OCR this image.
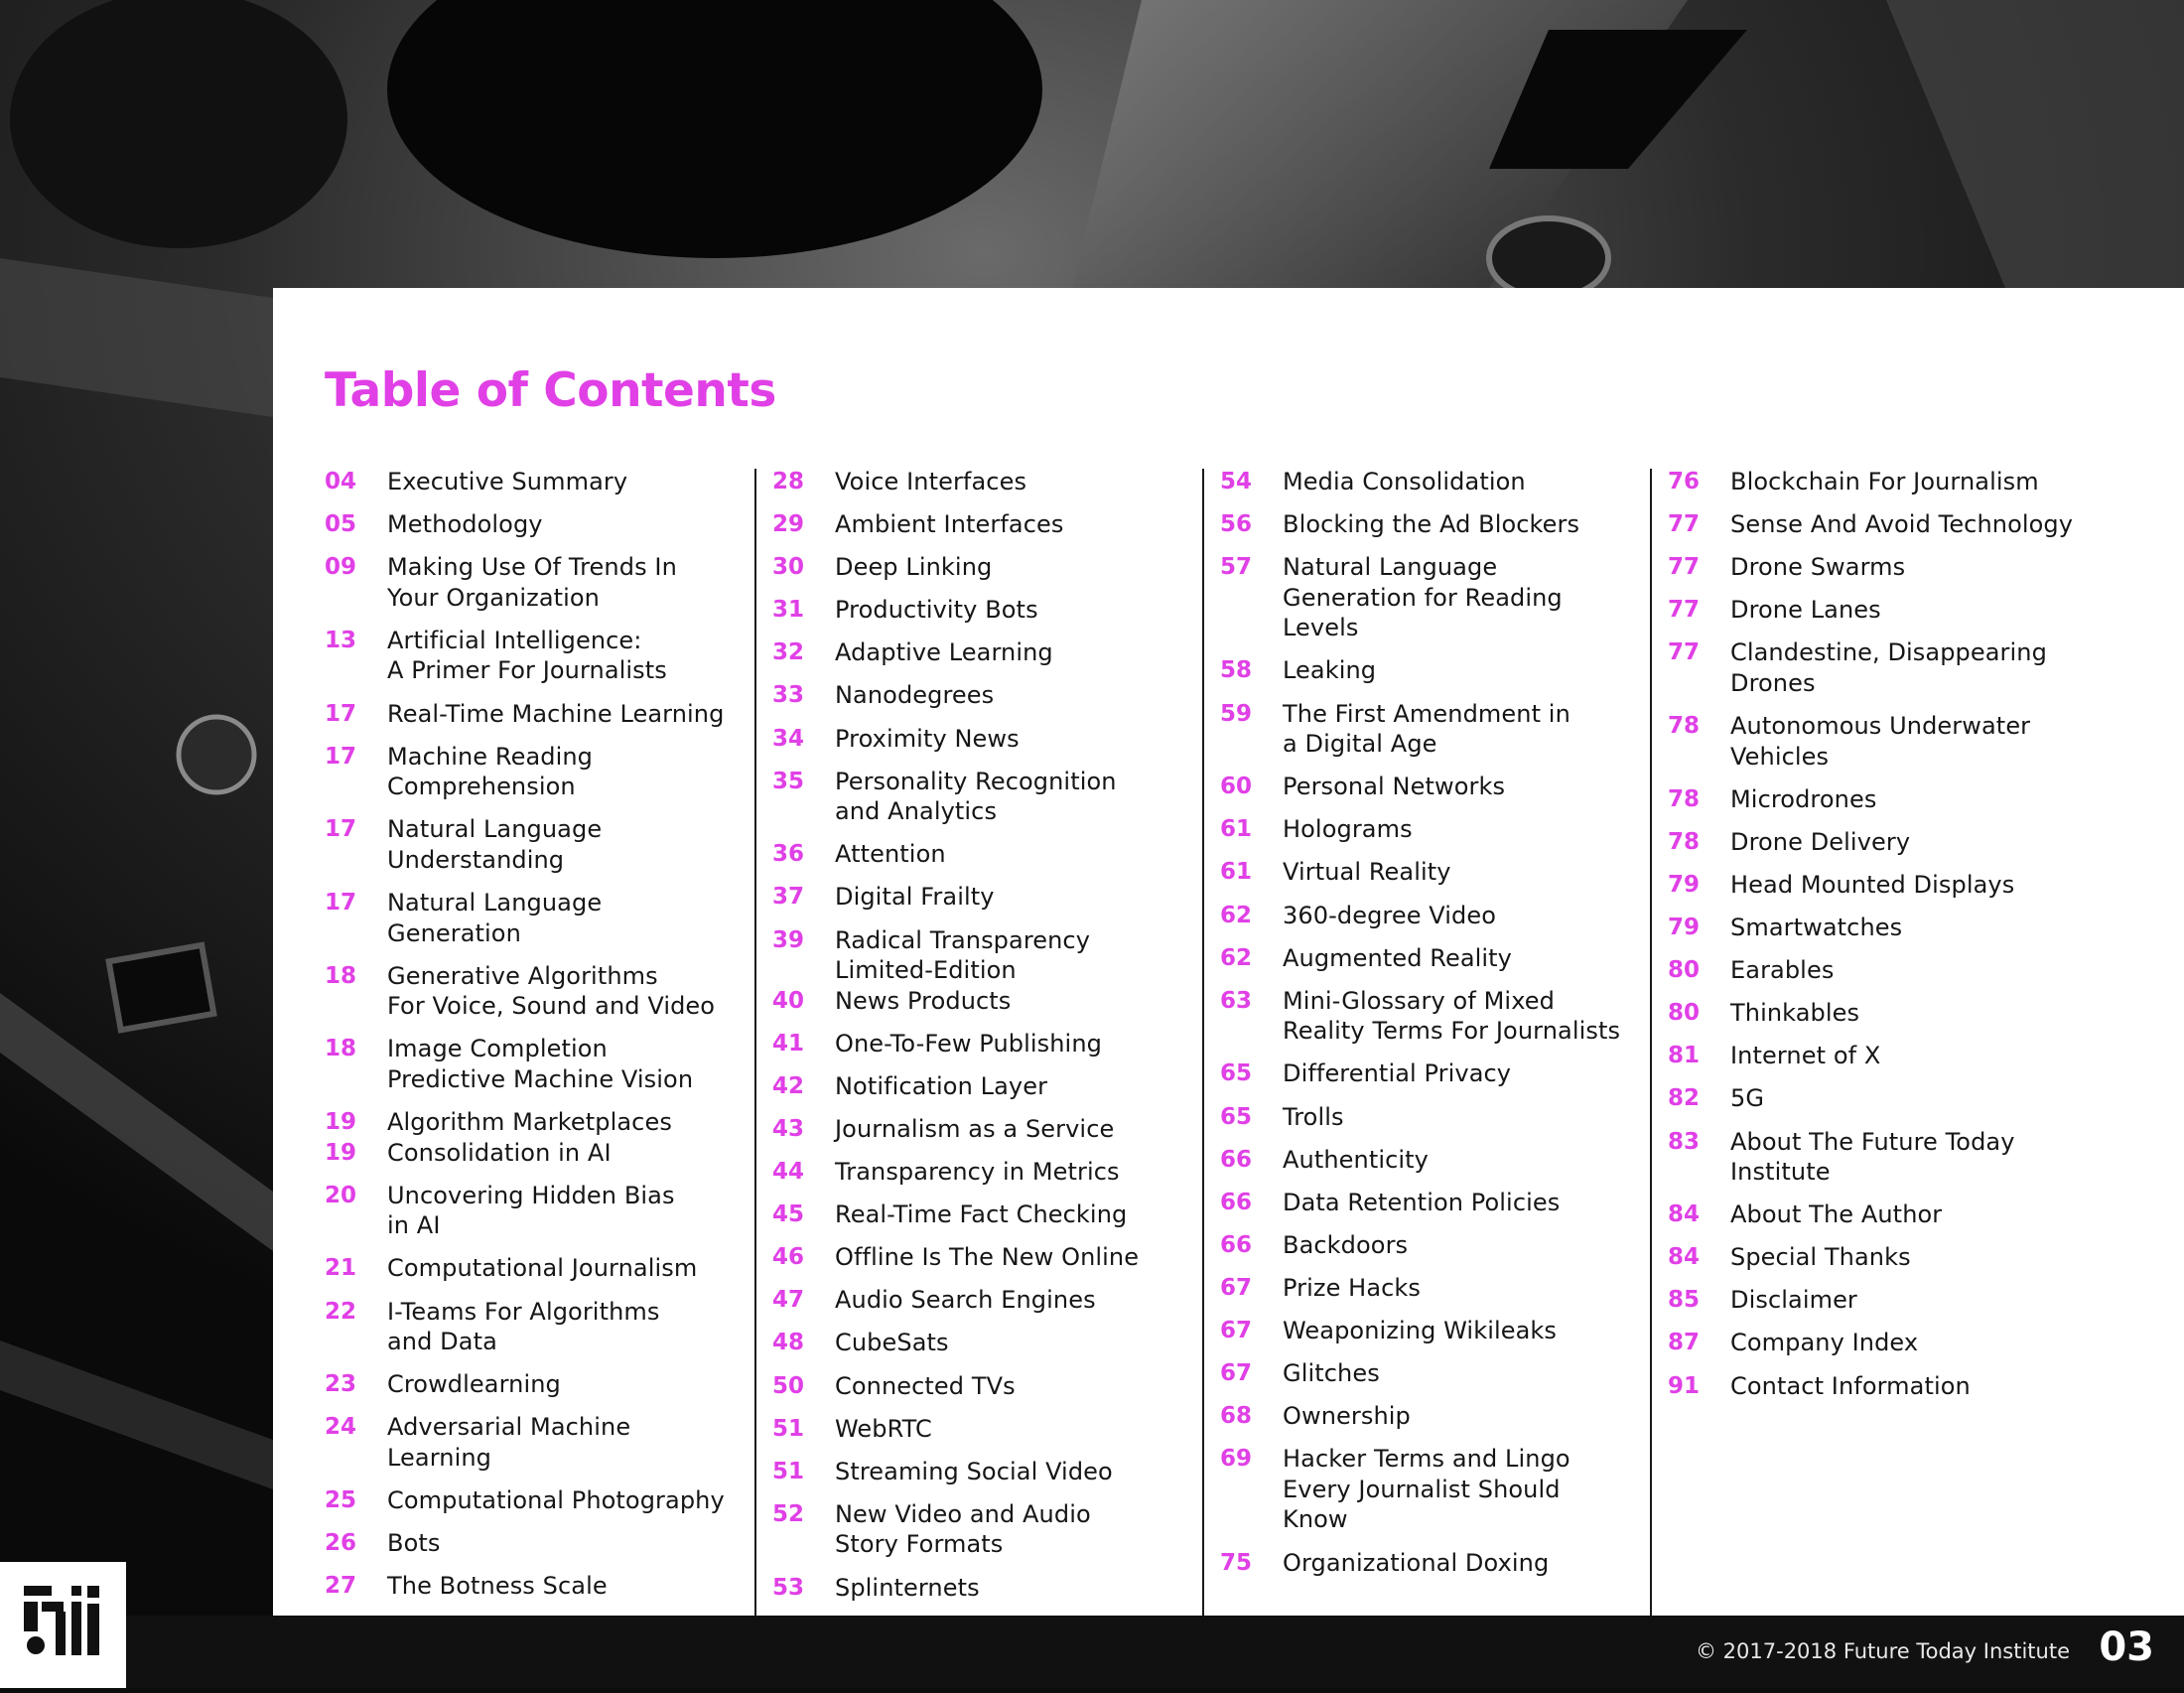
Table of Contents
04	Executive Summary
05	Methodology
09	Making Use Of Trends In
Your Organization
13	Artificial Intelligence:
A Primer For Journalists
17	Real-Time Machine Learning
17	Machine Reading
Comprehension
17	Natural Language
Understanding
17	Natural Language
Generation
18	Generative Algorithms
For Voice, Sound and Video
18	Image Completion
Predictive Machine Vision
19	Algorithm Marketplaces
19	Consolidation in AI
20	Uncovering Hidden Bias
in AI
21	Computational Journalism
22	I-Teams For Algorithms
and Data
23	Crowdlearning
24	Adversarial Machine
Learning
25	Computational Photography
26	Bots
27	The Botness Scale
28	Voice Interfaces
29	Ambient Interfaces
30	Deep Linking
31	Productivity Bots
32	Adaptive Learning
33	Nanodegrees
34	Proximity News
35	Personality Recognition
and Analytics
36	Attention
37	Digital Frailty
39	Radical Transparency
Limited-Edition
40	News Products
41	One-To-Few Publishing
42	Notification Layer
43	Journalism as a Service
44	Transparency in Metrics
45	Real-Time Fact Checking
46	Offline Is The New Online
47	Audio Search Engines
48	CubeSats
50	Connected TVs
51	WebRTC
51	Streaming Social Video
52	New Video and Audio
Story Formats
53	Splinternets
54	Media Consolidation
56	Blocking the Ad Blockers
57	Natural Language
Generation for Reading
Levels
58	Leaking
59	The First Amendment in
a Digital Age
60	Personal Networks
61	Holograms
61	Virtual Reality
62	360-degree Video
62	Augmented Reality
63	Mini-Glossary of Mixed
Reality Terms For Journalists
65	Differential Privacy
65	Trolls
66	Authenticity
66	Data Retention Policies
66	Backdoors
67	Prize Hacks
67	Weaponizing Wikileaks
67	Glitches
68	Ownership
69	Hacker Terms and Lingo
Every Journalist Should
Know
75	Organizational Doxing
76	Blockchain For Journalism
77	Sense And Avoid Technology
77	Drone Swarms
77	Drone Lanes
77	Clandestine, Disappearing
Drones
78	Autonomous Underwater
Vehicles
78	Microdrones
78	Drone Delivery
79	Head Mounted Displays
79	Smartwatches
80	Earables
80	Thinkables
81	Internet of X
82	5G
83	About The Future Today
Institute
84	About The Author
84	Special Thanks
85	Disclaimer
87	Company Index
91	Contact Information
© 2017-2018 Future Today Institute 03
